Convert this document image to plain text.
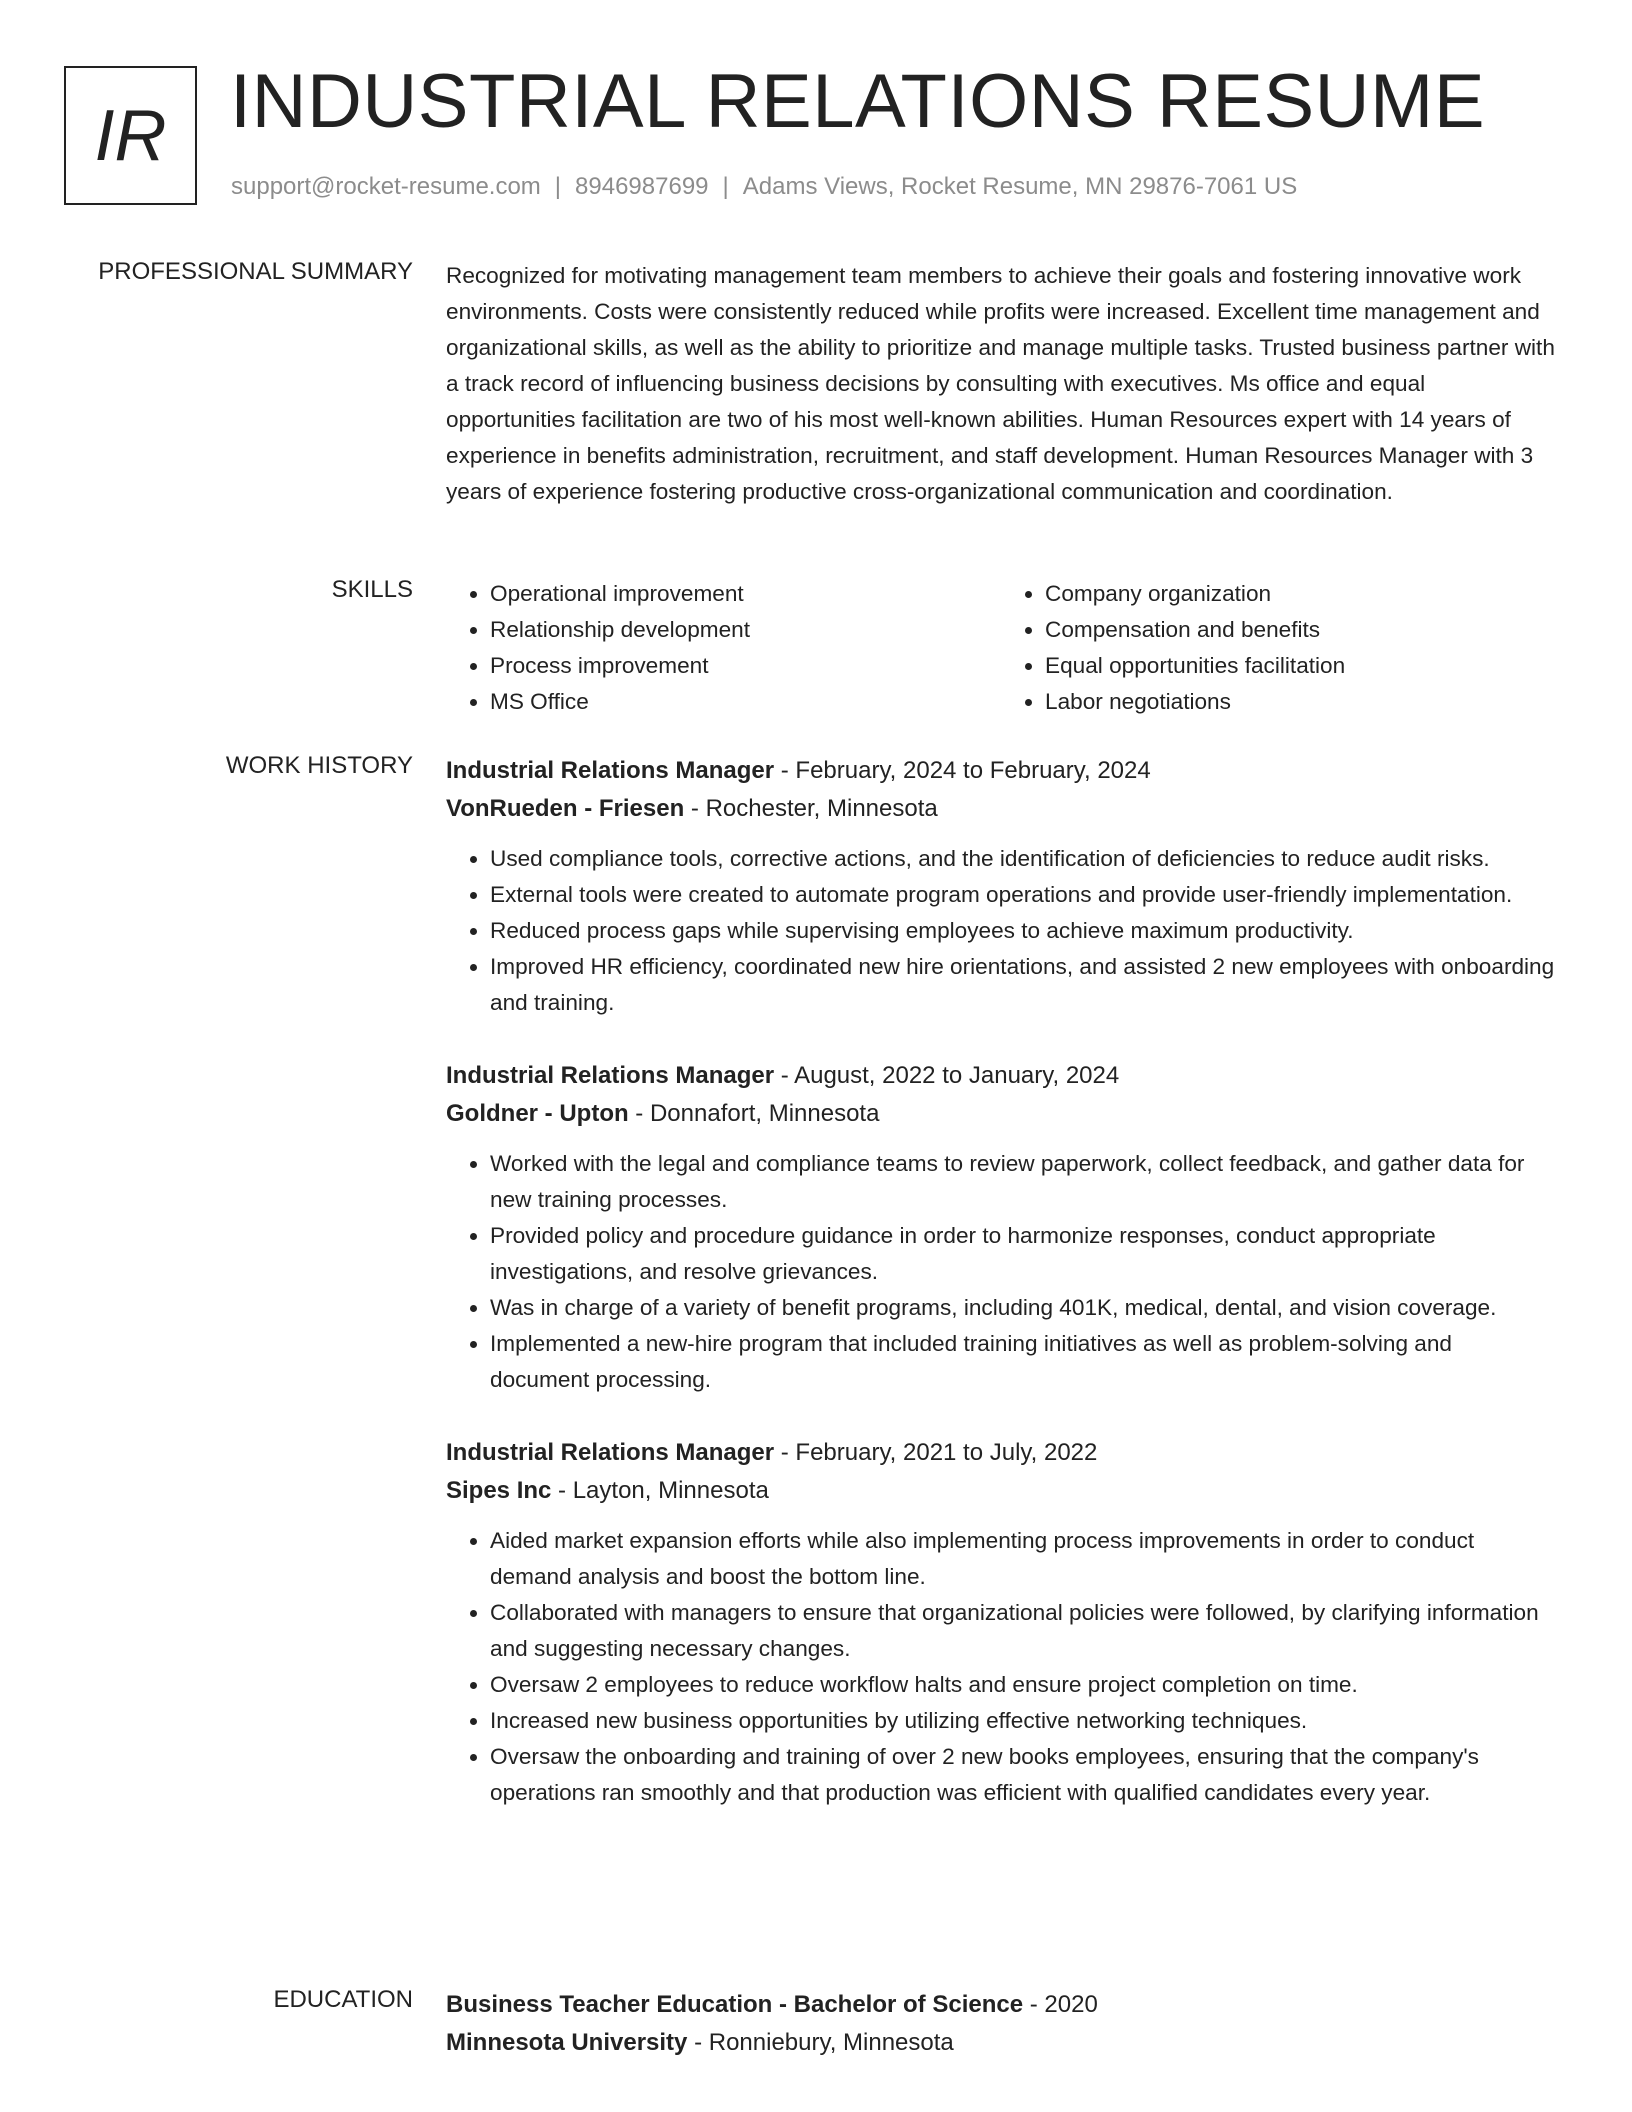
IR INDUSTRIAL RELATIONS RESUME
support@rocket-resume.com | 8946987699 | Adams Views, Rocket Resume, MN 29876-7061 US
PROFESSIONAL SUMMARY Recognized for motivating management team members to achieve their goals and fostering innovative work environments. Costs were consistently reduced while profits were increased. Excellent time management and organizational skills, as well as the ability to prioritize and manage multiple tasks. Trusted business partner with a track record of influencing business decisions by consulting with executives. Ms office and equal opportunities facilitation are two of his most well-known abilities. Human Resources expert with 14 years of experience in benefits administration, recruitment, and staff development. Human Resources Manager with 3 years of experience fostering productive cross-organizational communication and coordination.

SKILLS
•	Operational improvement
• Relationship development
• Process improvement
• MS Office
• Company organization
• Compensation and benefits
• Equal opportunities facilitation
• Labor negotiations
WORK HISTORY Industrial Relations Manager - February, 2024 to February, 2024
VonRueden - Friesen - Rochester, Minnesota
• Used compliance tools, corrective actions, and the identification of deficiencies to reduce audit risks.
• External tools were created to automate program operations and provide user-friendly implementation.
• Reduced process gaps while supervising employees to achieve maximum productivity.
• Improved HR efficiency, coordinated new hire orientations, and assisted 2 new employees with onboarding and training.
Industrial Relations Manager - August, 2022 to January, 2024
Goldner - Upton - Donnafort, Minnesota
• Worked with the legal and compliance teams to review paperwork, collect feedback, and gather data for new training processes.
• Provided policy and procedure guidance in order to harmonize responses, conduct appropriate investigations, and resolve grievances.
• Was in charge of a variety of benefit programs, including 401K, medical, dental, and vision coverage.
• Implemented a new-hire program that included training initiatives as well as problem-solving and document processing.
Industrial Relations Manager - February, 2021 to July, 2022
Sipes Inc - Layton, Minnesota
• Aided market expansion efforts while also implementing process improvements in order to conduct demand analysis and boost the bottom line.
• Collaborated with managers to ensure that organizational policies were followed, by clarifying information and suggesting necessary changes.
• Oversaw 2 employees to reduce workflow halts and ensure project completion on time.
• Increased new business opportunities by utilizing effective networking techniques.
• Oversaw the onboarding and training of over 2 new books employees, ensuring that the company's operations ran smoothly and that production was efficient with qualified candidates every year.
EDUCATION Business Teacher Education - Bachelor of Science - 2020
Minnesota University - Ronniebury, Minnesota
